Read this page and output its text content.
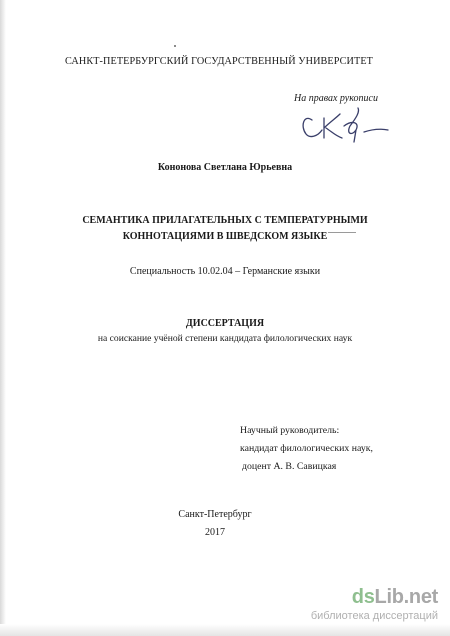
САНКТ-ПЕТЕРБУРГСКИЙ ГОСУДАРСТВЕННЫЙ УНИВЕРСИТЕТ
На правах рукописи
Кононова Светлана Юрьевна
СЕМАНТИКА ПРИЛАГАТЕЛЬНЫХ С ТЕМПЕРАТУРНЫМИ
КОННОТАЦИЯМИ В ШВЕДСКОМ ЯЗЫКЕ
Специальность 10.02.04 – Германские языки
ДИССЕРТАЦИЯ
на соискание учёной степени кандидата филологических наук
Научный руководитель:
кандидат филологических наук,
доцент А. В. Савицкая
Санкт-Петербург
2017
dsLib.net
библиотека диссертаций
